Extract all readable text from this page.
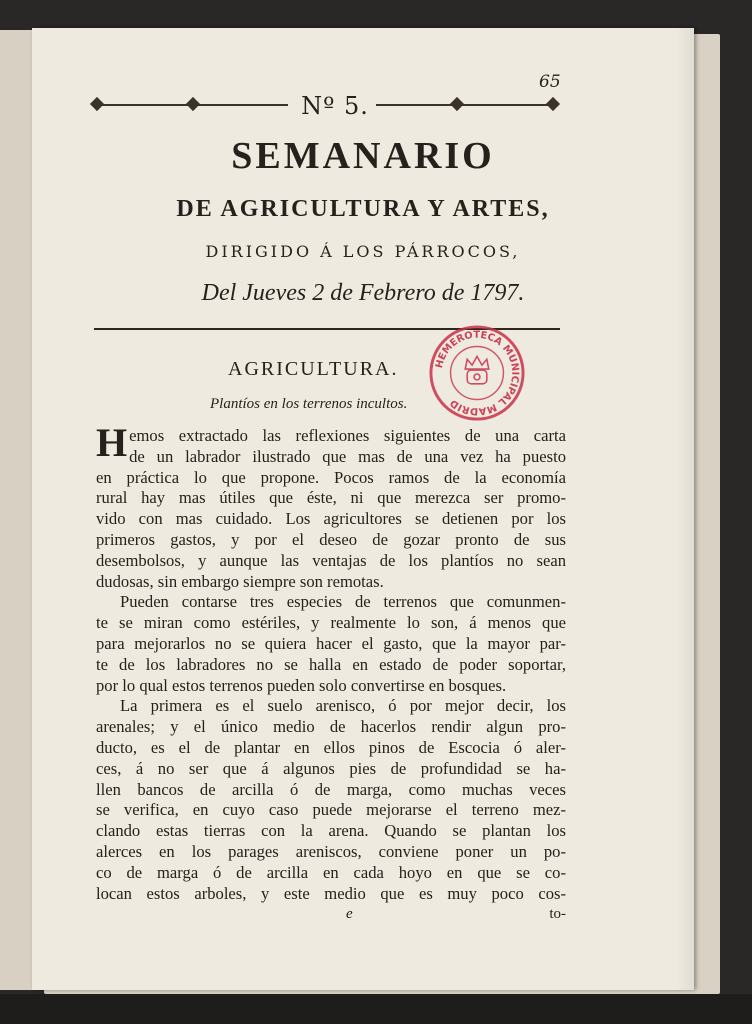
65
Nº 5.
SEMANARIO
DE AGRICULTURA Y ARTES,
DIRIGIDO Á LOS PÁRROCOS,
Del Jueves 2 de Febrero de 1797.
AGRICULTURA.
Plantíos en los terrenos incultos.
Hemos extractado las reflexiones siguientes de una carta
de un labrador ilustrado que mas de una vez ha puesto
en práctica lo que propone. Pocos ramos de la economía
rural hay mas útiles que éste, ni que merezca ser promo-
vido con mas cuidado. Los agricultores se detienen por los
primeros gastos, y por el deseo de gozar pronto de sus
desembolsos, y aunque las ventajas de los plantíos no sean
dudosas, sin embargo siempre son remotas.
Pueden contarse tres especies de terrenos que comunmen-
te se miran como estériles, y realmente lo son, á menos que
para mejorarlos no se quiera hacer el gasto, que la mayor par-
te de los labradores no se halla en estado de poder soportar,
por lo qual estos terrenos pueden solo convertirse en bosques.
La primera es el suelo arenisco, ó por mejor decir, los
arenales; y el único medio de hacerlos rendir algun pro-
ducto, es el de plantar en ellos pinos de Escocia ó aler-
ces, á no ser que á algunos pies de profundidad se ha-
llen bancos de arcilla ó de marga, como muchas veces
se verifica, en cuyo caso puede mejorarse el terreno mez-
clando estas tierras con la arena. Quando se plantan los
alerces en los parages areniscos, conviene poner un po-
co de marga ó de arcilla en cada hoyo en que se co-
locan estos arboles, y este medio que es muy poco cos-
e	to-
HEMEROTECA MUNICIPAL MADRID
